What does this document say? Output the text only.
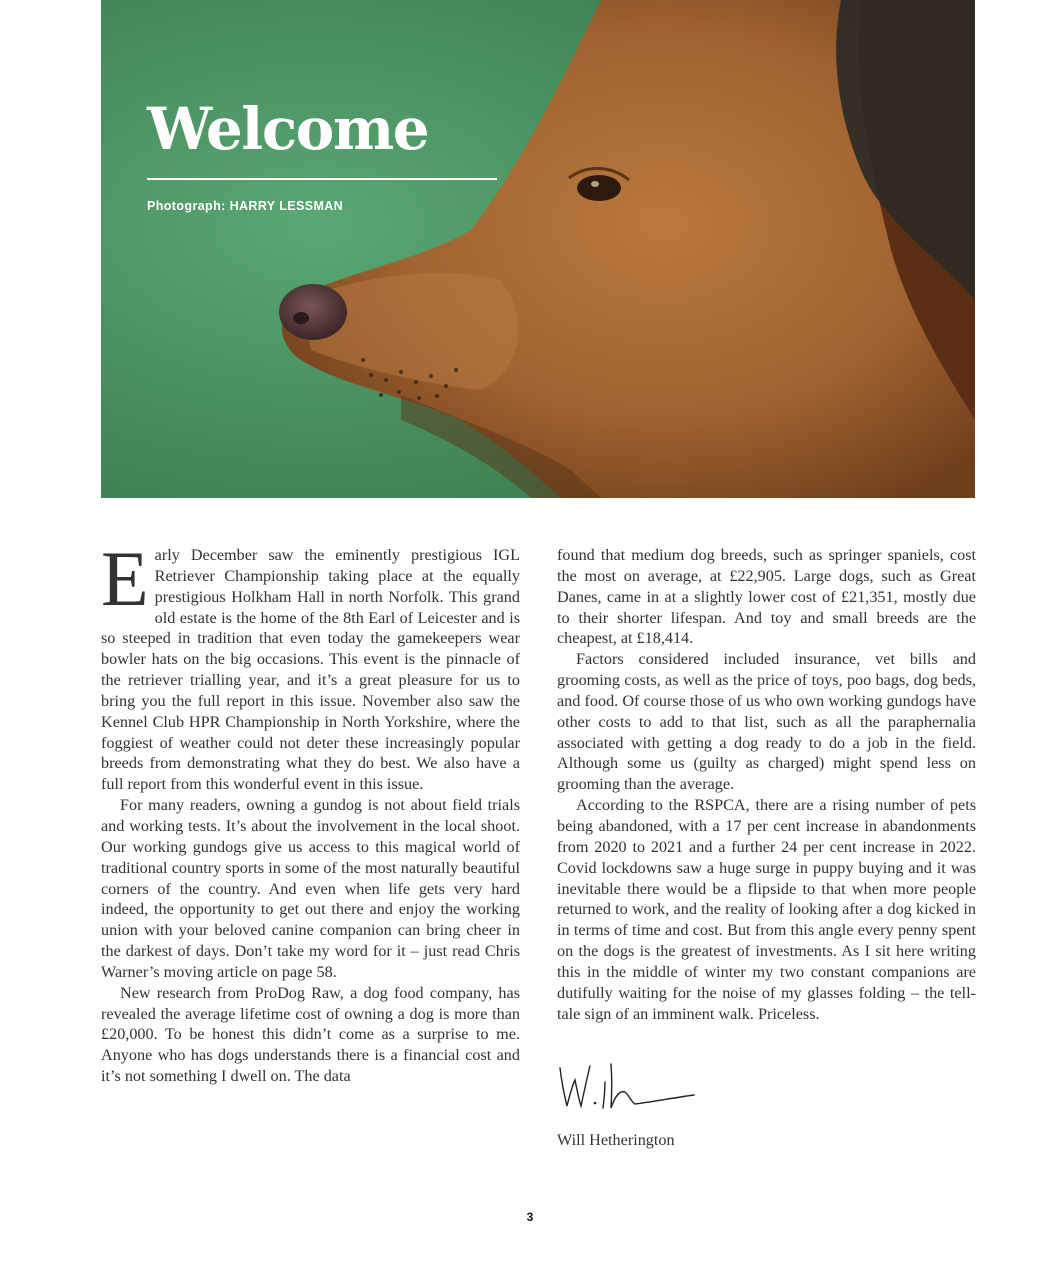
Welcome
Photograph: HARRY LESSMAN

Early December saw the eminently prestigious IGL Retriever Championship taking place at the equally prestigious Holkham Hall in north Norfolk. This grand old estate is the home of the 8th Earl of Leicester and is so steeped in tradition that even today the gamekeepers wear bowler hats on the big occasions. This event is the pinnacle of the retriever trialling year, and it’s a great pleasure for us to bring you the full report in this issue. November also saw the Kennel Club HPR Championship in North Yorkshire, where the foggiest of weather could not deter these increasingly popular breeds from demonstrating what they do best. We also have a full report from this wonderful event in this issue.

For many readers, owning a gundog is not about field trials and working tests. It’s about the involvement in the local shoot. Our working gundogs give us access to this magical world of traditional country sports in some of the most naturally beautiful corners of the country. And even when life gets very hard indeed, the opportunity to get out there and enjoy the working union with your beloved canine companion can bring cheer in the darkest of days. Don’t take my word for it – just read Chris Warner’s moving article on page 58.

New research from ProDog Raw, a dog food company, has revealed the average lifetime cost of owning a dog is more than £20,000. To be honest this didn’t come as a surprise to me. Anyone who has dogs understands there is a financial cost and it’s not something I dwell on. The data

found that medium dog breeds, such as springer spaniels, cost the most on average, at £22,905. Large dogs, such as Great Danes, came in at a slightly lower cost of £21,351, mostly due to their shorter lifespan. And toy and small breeds are the cheapest, at £18,414.

Factors considered included insurance, vet bills and grooming costs, as well as the price of toys, poo bags, dog beds, and food. Of course those of us who own working gundogs have other costs to add to that list, such as all the paraphernalia associated with getting a dog ready to do a job in the field. Although some us (guilty as charged) might spend less on grooming than the average.

According to the RSPCA, there are a rising number of pets being abandoned, with a 17 per cent increase in abandonments from 2020 to 2021 and a further 24 per cent increase in 2022. Covid lockdowns saw a huge surge in puppy buying and it was inevitable there would be a flipside to that when more people returned to work, and the reality of looking after a dog kicked in in terms of time and cost. But from this angle every penny spent on the dogs is the greatest of investments. As I sit here writing this in the middle of winter my two constant companions are dutifully waiting for the noise of my glasses folding – the tell-tale sign of an imminent walk. Priceless.

Will Hetherington
3
